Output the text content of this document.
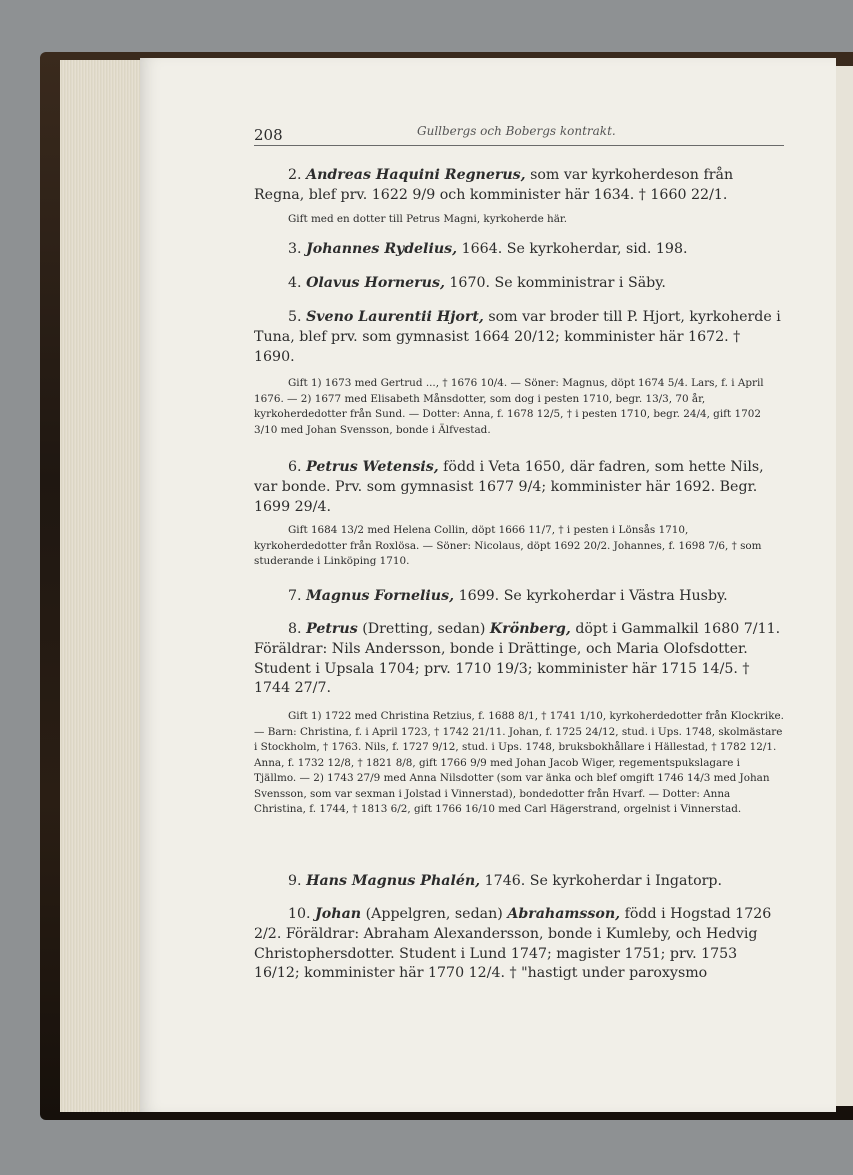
208	Gullbergs och Bobergs kontrakt.

2. Andreas Haquini Regnerus, som var kyrkoherdeson från Regna, blef prv. 1622 9/9 och komminister här 1634. † 1660 22/1.

Gift med en dotter till Petrus Magni, kyrkoherde här.

3. Johannes Rydelius, 1664. Se kyrkoherdar, sid. 198.

4. Olavus Hornerus, 1670. Se komministrar i Säby.

5. Sveno Laurentii Hjort, som var broder till P. Hjort, kyrkoherde i Tuna, blef prv. som gymnasist 1664 20/12; komminister här 1672. † 1690.

Gift 1) 1673 med Gertrud ..., † 1676 10/4. — Söner: Magnus, döpt 1674 5/4. Lars, f. i April 1676. — 2) 1677 med Elisabeth Månsdotter, som dog i pesten 1710, begr. 13/3, 70 år, kyrkoherdedotter från Sund. — Dotter: Anna, f. 1678 12/5, † i pesten 1710, begr. 24/4, gift 1702 3/10 med Johan Svensson, bonde i Älfvestad.

6. Petrus Wetensis, född i Veta 1650, där fadren, som hette Nils, var bonde. Prv. som gymnasist 1677 9/4; komminister här 1692. Begr. 1699 29/4.

Gift 1684 13/2 med Helena Collin, döpt 1666 11/7, † i pesten i Lönsås 1710, kyrkoherdedotter från Roxlösa. — Söner: Nicolaus, döpt 1692 20/2. Johannes, f. 1698 7/6, † som studerande i Linköping 1710.

7. Magnus Fornelius, 1699. Se kyrkoherdar i Västra Husby.

8. Petrus (Dretting, sedan) Krönberg, döpt i Gammalkil 1680 7/11. Föräldrar: Nils Andersson, bonde i Drättinge, och Maria Olofsdotter. Student i Upsala 1704; prv. 1710 19/3; komminister här 1715 14/5. † 1744 27/7.

Gift 1) 1722 med Christina Retzius, f. 1688 8/1, † 1741 1/10, kyrkoherdedotter från Klockrike. — Barn: Christina, f. i April 1723, † 1742 21/11. Johan, f. 1725 24/12, stud. i Ups. 1748, skolmästare i Stockholm, † 1763. Nils, f. 1727 9/12, stud. i Ups. 1748, bruksbokhållare i Hällestad, † 1782 12/1. Anna, f. 1732 12/8, † 1821 8/8, gift 1766 9/9 med Johan Jacob Wiger, regementspukslagare i Tjällmo. — 2) 1743 27/9 med Anna Nilsdotter (som var änka och blef omgift 1746 14/3 med Johan Svensson, som var sexman i Jolstad i Vinnerstad), bondedotter från Hvarf. — Dotter: Anna Christina, f. 1744, † 1813 6/2, gift 1766 16/10 med Carl Hägerstrand, orgelnist i Vinnerstad.

9. Hans Magnus Phalén, 1746. Se kyrkoherdar i Ingatorp.

10. Johan (Appelgren, sedan) Abrahamsson, född i Hogstad 1726 2/2. Föräldrar: Abraham Alexandersson, bonde i Kumleby, och Hedvig Christophersdotter. Student i Lund 1747; magister 1751; prv. 1753 16/12; komminister här 1770 12/4. † "hastigt under paroxysmo
